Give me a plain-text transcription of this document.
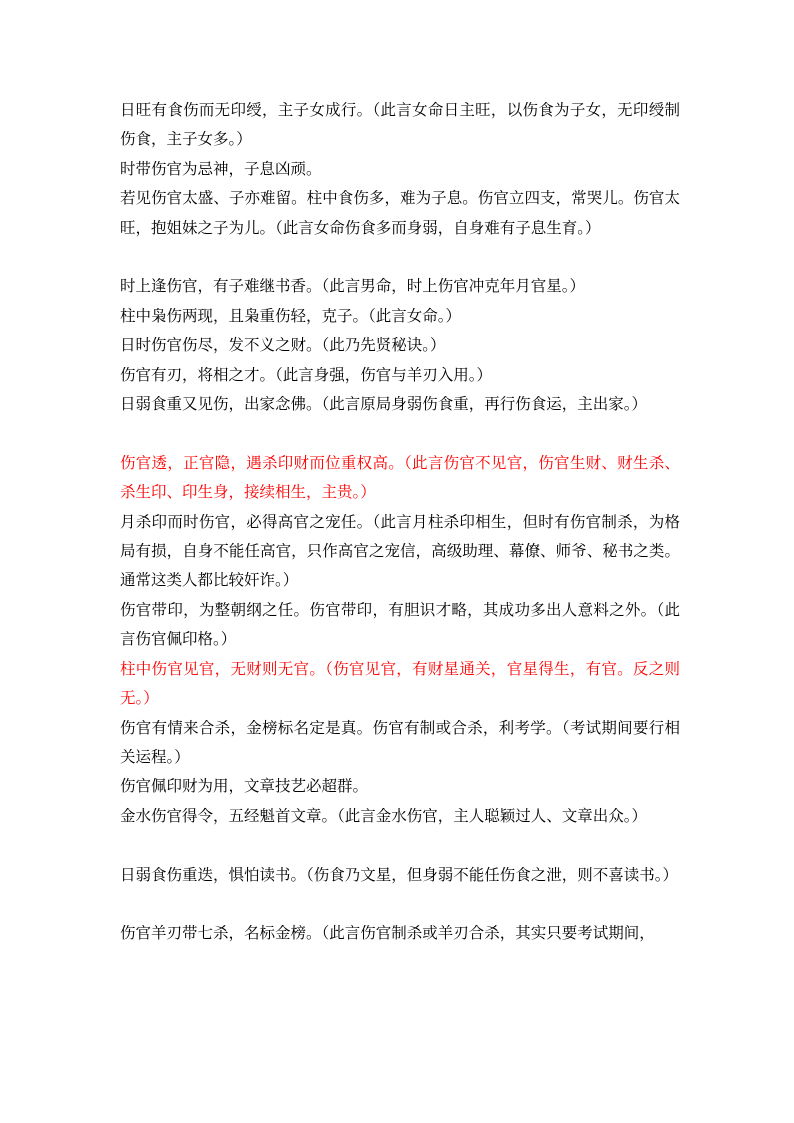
日旺有食伤而无印绶，主子女成行。（此言女命日主旺，以伤食为子女，无印绶制伤食，主子女多。）

时带伤官为忌神，子息凶顽。

若见伤官太盛、子亦难留。柱中食伤多，难为子息。伤官立四支，常哭儿。伤官太旺，抱姐妹之子为儿。（此言女命伤食多而身弱，自身难有子息生育。）

时上逢伤官，有子难继书香。（此言男命，时上伤官冲克年月官星。）

柱中枭伤两现，且枭重伤轻，克子。（此言女命。）

日时伤官伤尽，发不义之财。（此乃先贤秘诀。）

伤官有刃，将相之才。（此言身强，伤官与羊刃入用。）

日弱食重又见伤，出家念佛。（此言原局身弱伤食重，再行伤食运，主出家。）

伤官透，正官隐，遇杀印财而位重权高。（此言伤官不见官，伤官生财、财生杀、杀生印、印生身，接续相生，主贵。）

月杀印而时伤官，必得高官之宠任。（此言月柱杀印相生，但时有伤官制杀，为格局有损，自身不能任高官，只作高官之宠信，高级助理、幕僚、师爷、秘书之类。通常这类人都比较奸诈。）

伤官带印，为整朝纲之任。伤官带印，有胆识才略，其成功多出人意料之外。（此言伤官佩印格。）

柱中伤官见官，无财则无官。（伤官见官，有财星通关，官星得生，有官。反之则无。）

伤官有情来合杀，金榜标名定是真。伤官有制或合杀，利考学。（考试期间要行相关运程。）

伤官佩印财为用，文章技艺必超群。

金水伤官得令，五经魁首文章。（此言金水伤官，主人聪颖过人、文章出众。）

日弱食伤重迭，惧怕读书。（伤食乃文星，但身弱不能任伤食之泄，则不喜读书。）

伤官羊刃带七杀，名标金榜。（此言伤官制杀或羊刃合杀，其实只要考试期间，
